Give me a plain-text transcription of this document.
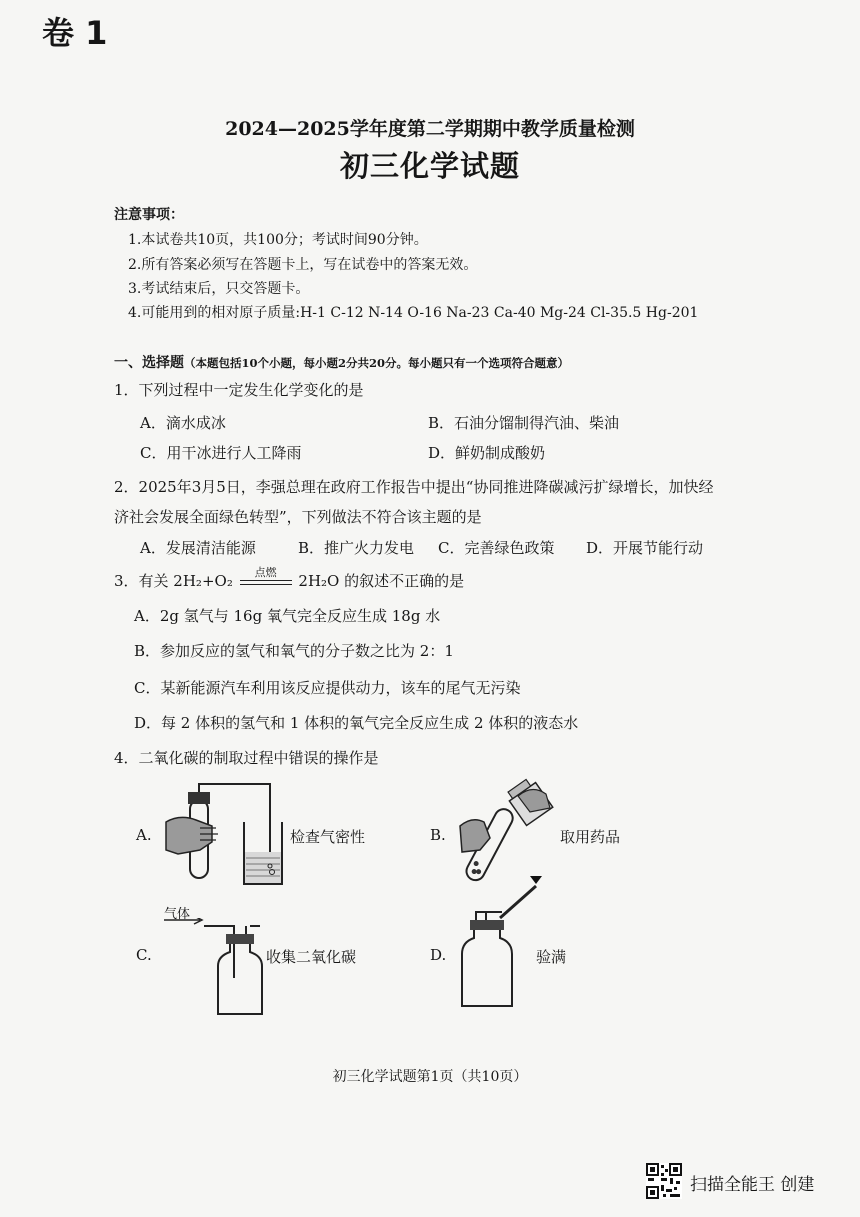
卷 1
2024—2025学年度第二学期期中教学质量检测
初三化学试题
注意事项：
1.本试卷共10页，共100分；考试时间90分钟。
2.所有答案必须写在答题卡上，写在试卷中的答案无效。
3.考试结束后，只交答题卡。
4.可能用到的相对原子质量:H-1 C-12 N-14 O-16 Na-23 Ca-40 Mg-24 Cl-35.5 Hg-201
一、选择题（本题包括10个小题，每小题2分共20分。每小题只有一个选项符合题意）
1．下列过程中一定发生化学变化的是
A．滴水成冰	B．石油分馏制得汽油、柴油
C．用干冰进行人工降雨	D．鲜奶制成酸奶
2．2025年3月5日，李强总理在政府工作报告中提出“协同推进降碳减污扩绿增长，加快经
济社会发展全面绿色转型”，下列做法不符合该主题的是
A．发展清洁能源	B．推广火力发电 C．完善绿色政策 D．开展节能行动
3．有关 2H₂+O₂	点燃	2H₂O 的叙述不正确的是
A．2g 氢气与 16g 氧气完全反应生成 18g 水
B．参加反应的氢气和氧气的分子数之比为 2：1
C．某新能源汽车利用该反应提供动力，该车的尾气无污染
D．每 2 体积的氢气和 1 体积的氧气完全反应生成 2 体积的液态水
4．二氧化碳的制取过程中错误的操作是
A.	检查气密性	B.	取用药品
C.
气体
收集二氧化碳	D.	验满
初三化学试题第1页（共10页）
扫描全能王 创建
